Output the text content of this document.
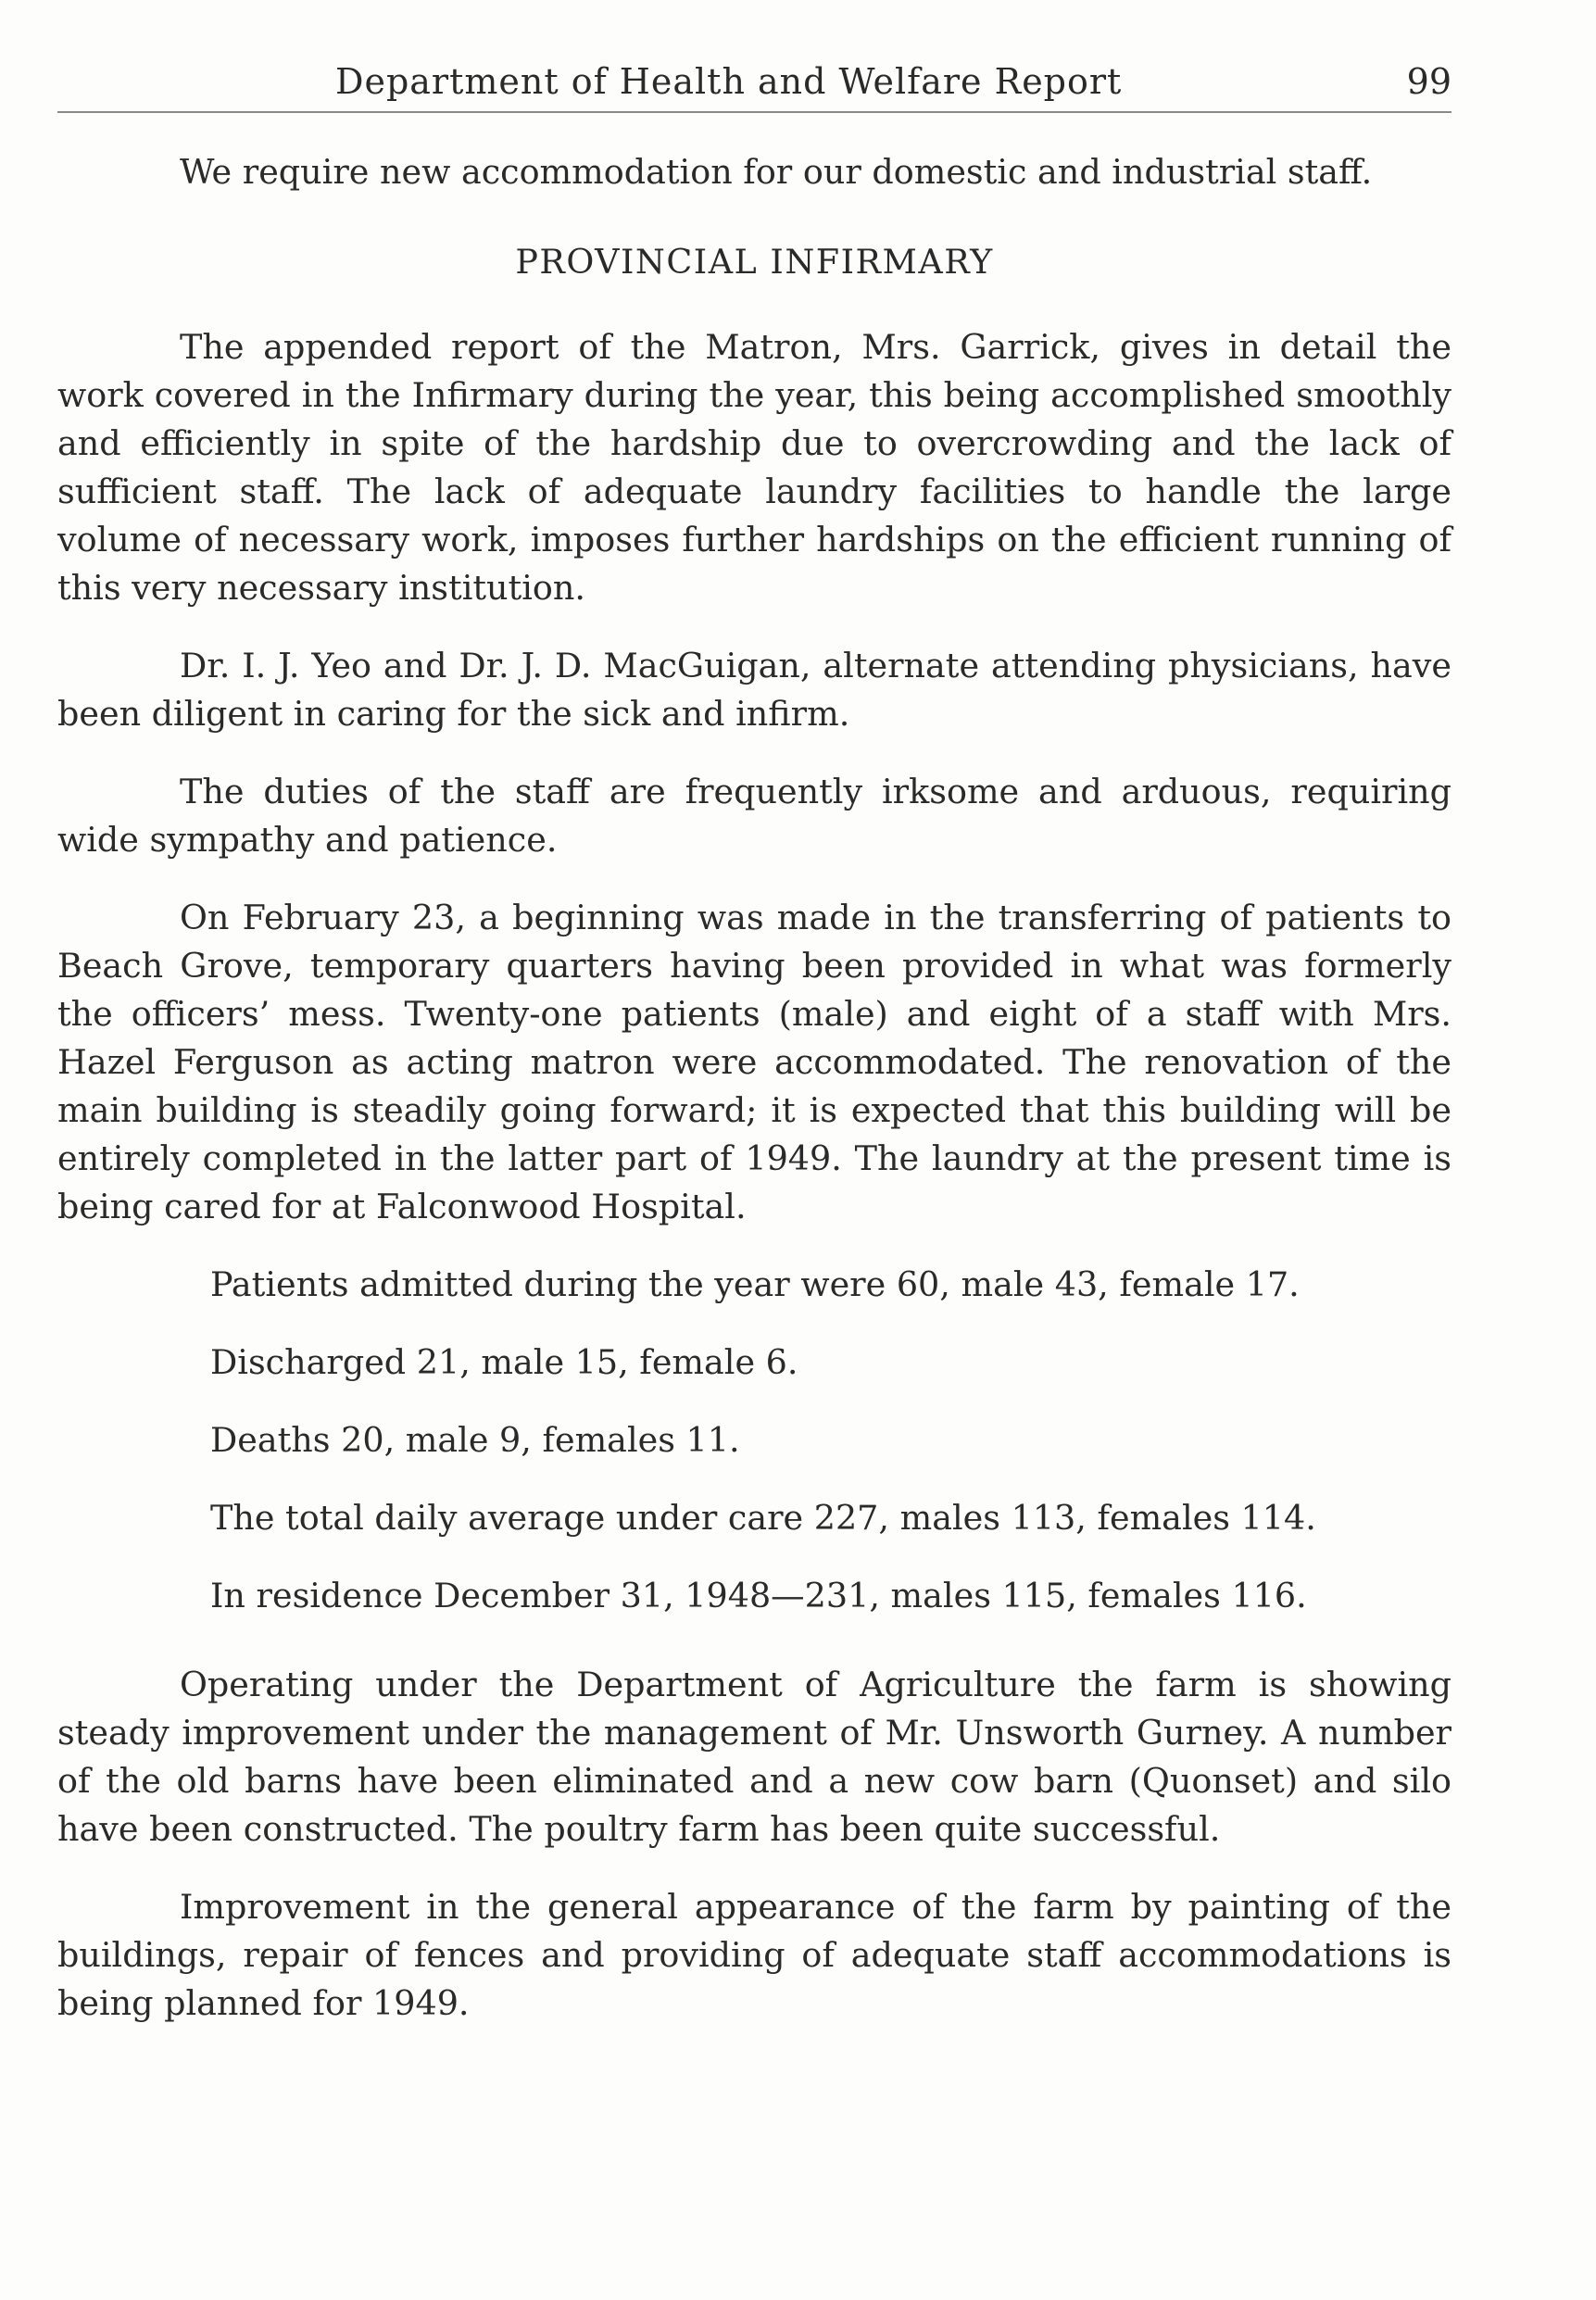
Department of Health and Welfare Report	99

We require new accommodation for our domestic and industrial staff.

PROVINCIAL INFIRMARY

The appended report of the Matron, Mrs. Garrick, gives in detail the work covered in the Infirmary during the year, this being accomplished smoothly and efficiently in spite of the hardship due to overcrowding and the lack of sufficient staff. The lack of adequate laundry facilities to handle the large volume of necessary work, imposes further hardships on the efficient running of this very necessary institution.

Dr. I. J. Yeo and Dr. J. D. MacGuigan, alternate attending physicians, have been diligent in caring for the sick and infirm.

The duties of the staff are frequently irksome and arduous, requiring wide sympathy and patience.

On February 23, a beginning was made in the transferring of patients to Beach Grove, temporary quarters having been provided in what was formerly the officers’ mess. Twenty-one patients (male) and eight of a staff with Mrs. Hazel Ferguson as acting matron were accommodated. The renovation of the main building is steadily going forward; it is expected that this building will be entirely completed in the latter part of 1949. The laundry at the present time is being cared for at Falconwood Hospital.

Patients admitted during the year were 60, male 43, female 17.

Discharged 21, male 15, female 6.

Deaths 20, male 9, females 11.

The total daily average under care 227, males 113, females 114.

In residence December 31, 1948—231, males 115, females 116.

Operating under the Department of Agriculture the farm is showing steady improvement under the management of Mr. Unsworth Gurney. A number of the old barns have been eliminated and a new cow barn (Quonset) and silo have been constructed. The poultry farm has been quite successful.

Improvement in the general appearance of the farm by painting of the buildings, repair of fences and providing of adequate staff accommodations is being planned for 1949.
